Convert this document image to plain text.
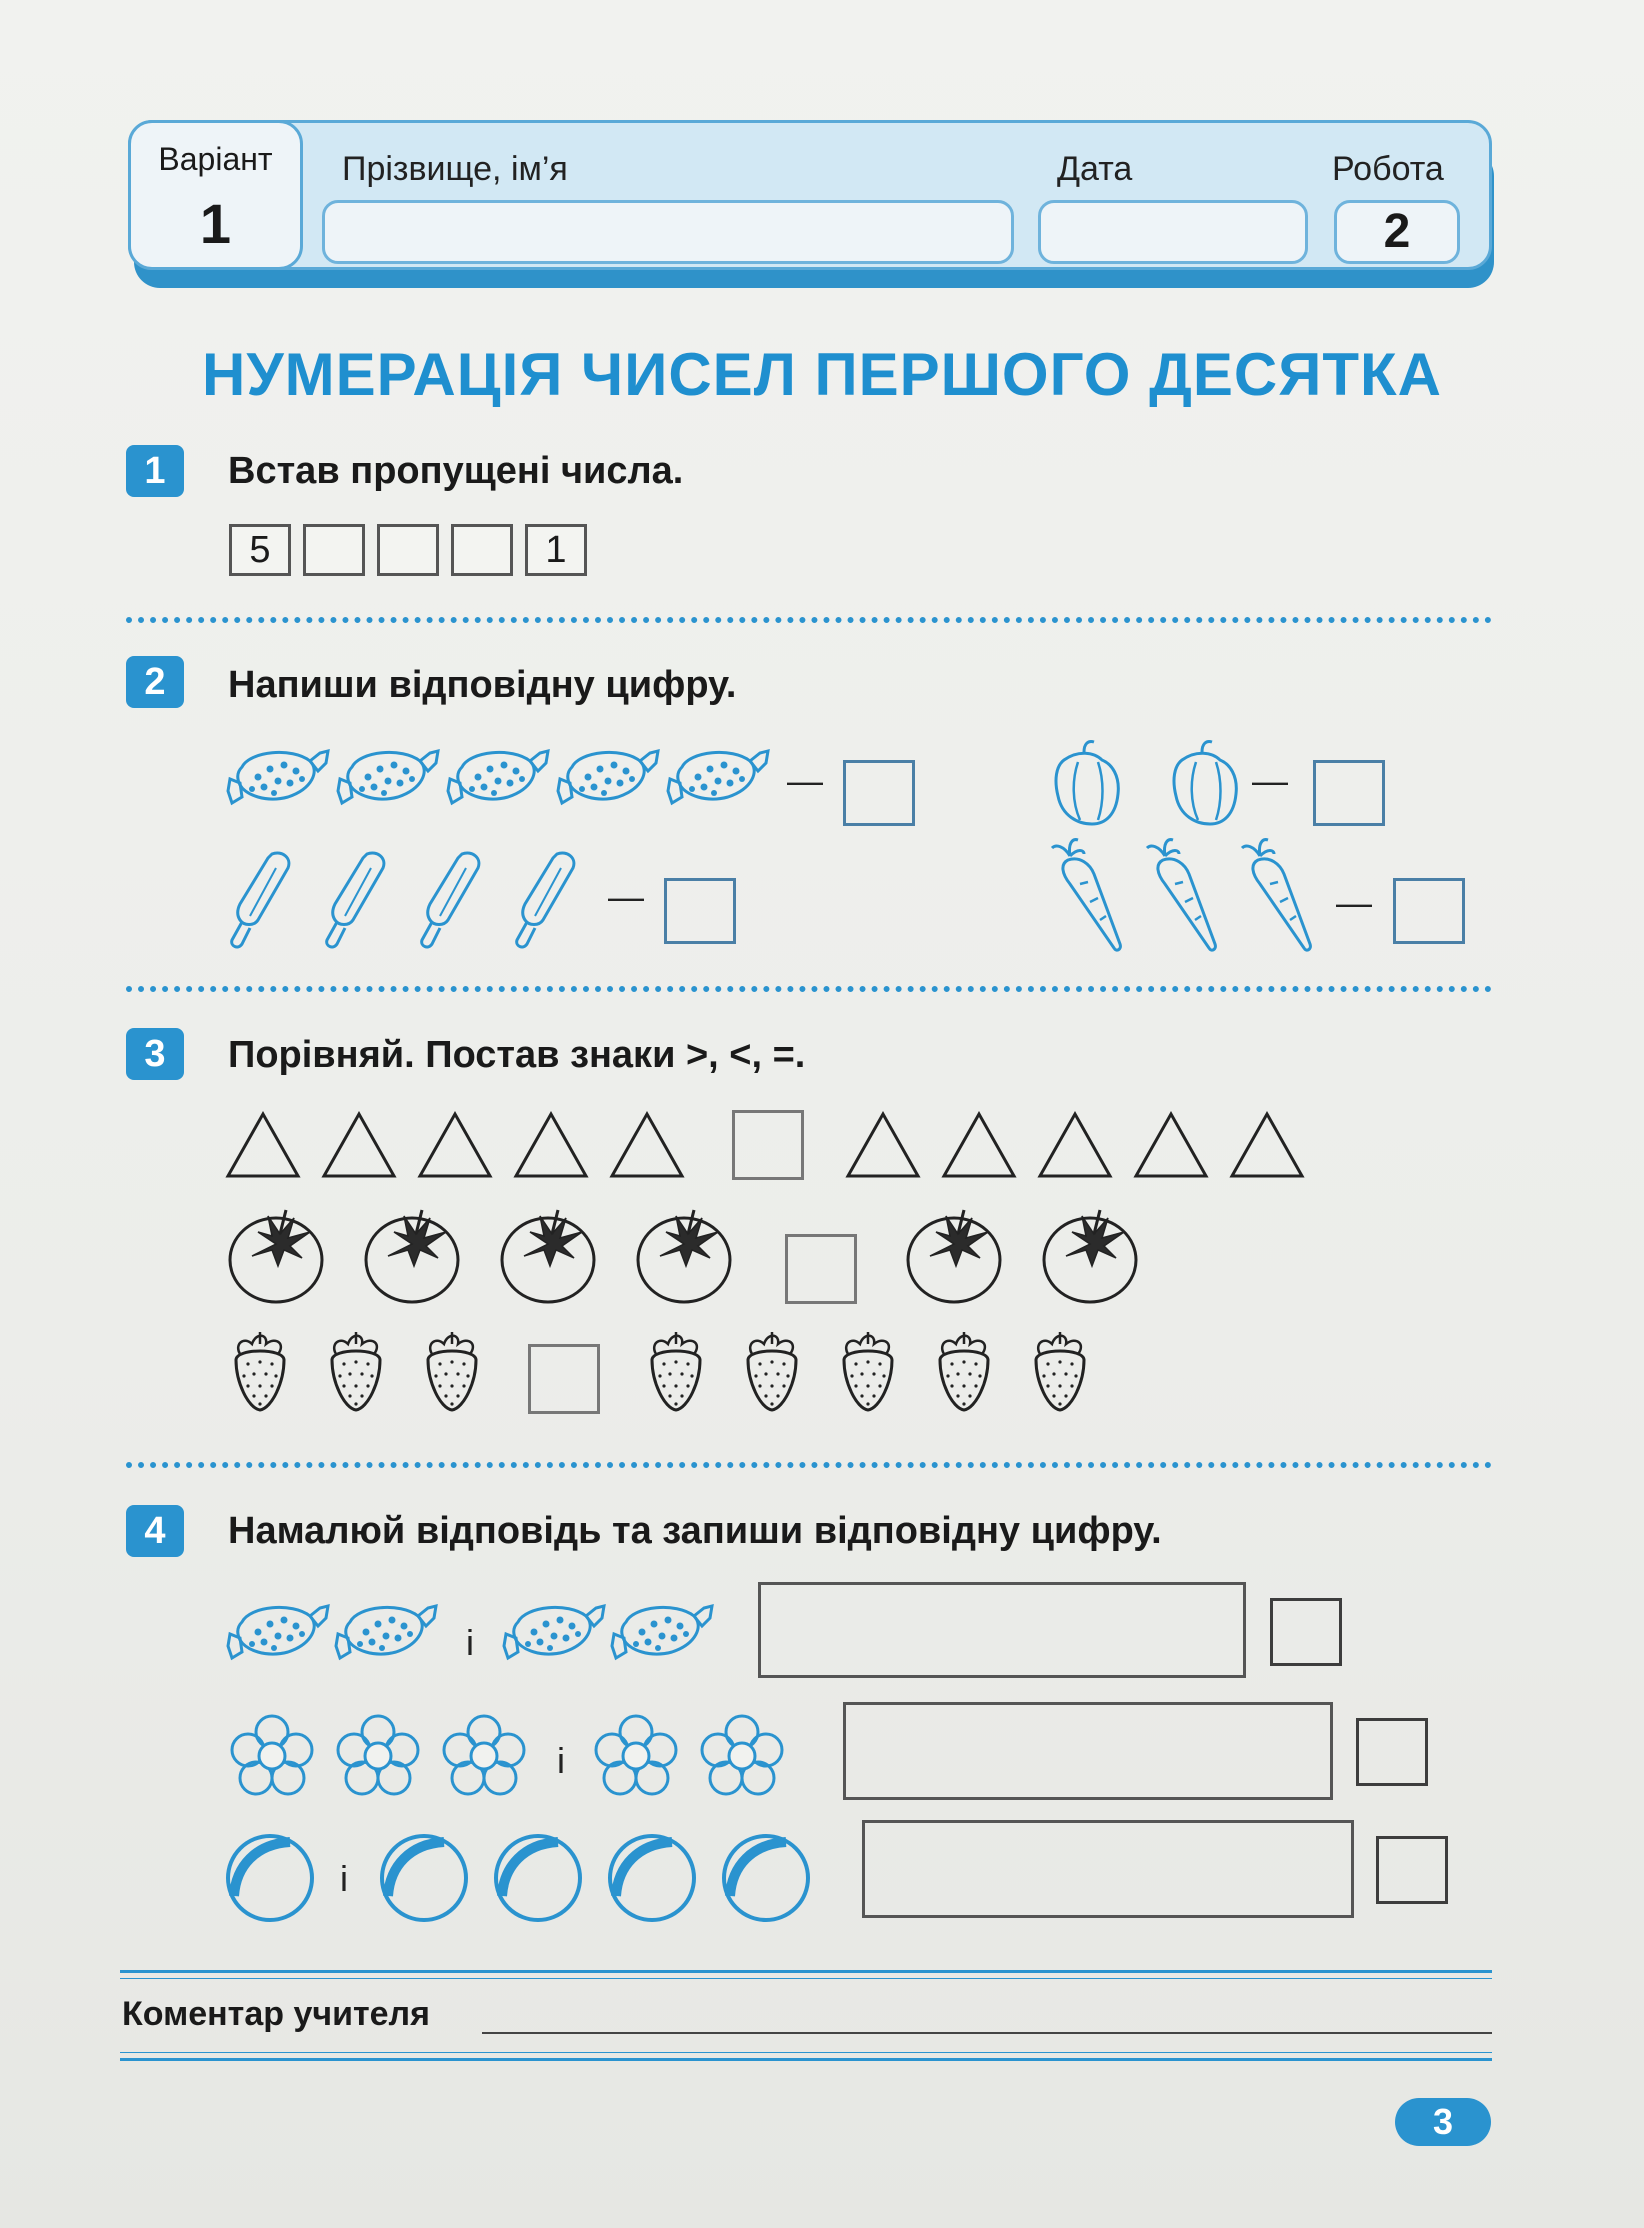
Варіант
1
Прізвище, ім’я	Дата	Робота
2
НУМЕРАЦІЯ ЧИСЕЛ ПЕРШОГО ДЕСЯТКА
1	Встав пропущені числа.
5	1
2	Напиши відповідну цифру.
—	—
—	—
3	Порівняй. Постав знаки >, <, =.
4	Намалюй відповідь та запиши відповідну цифру.
і
і
і
Коментар учителя
3
